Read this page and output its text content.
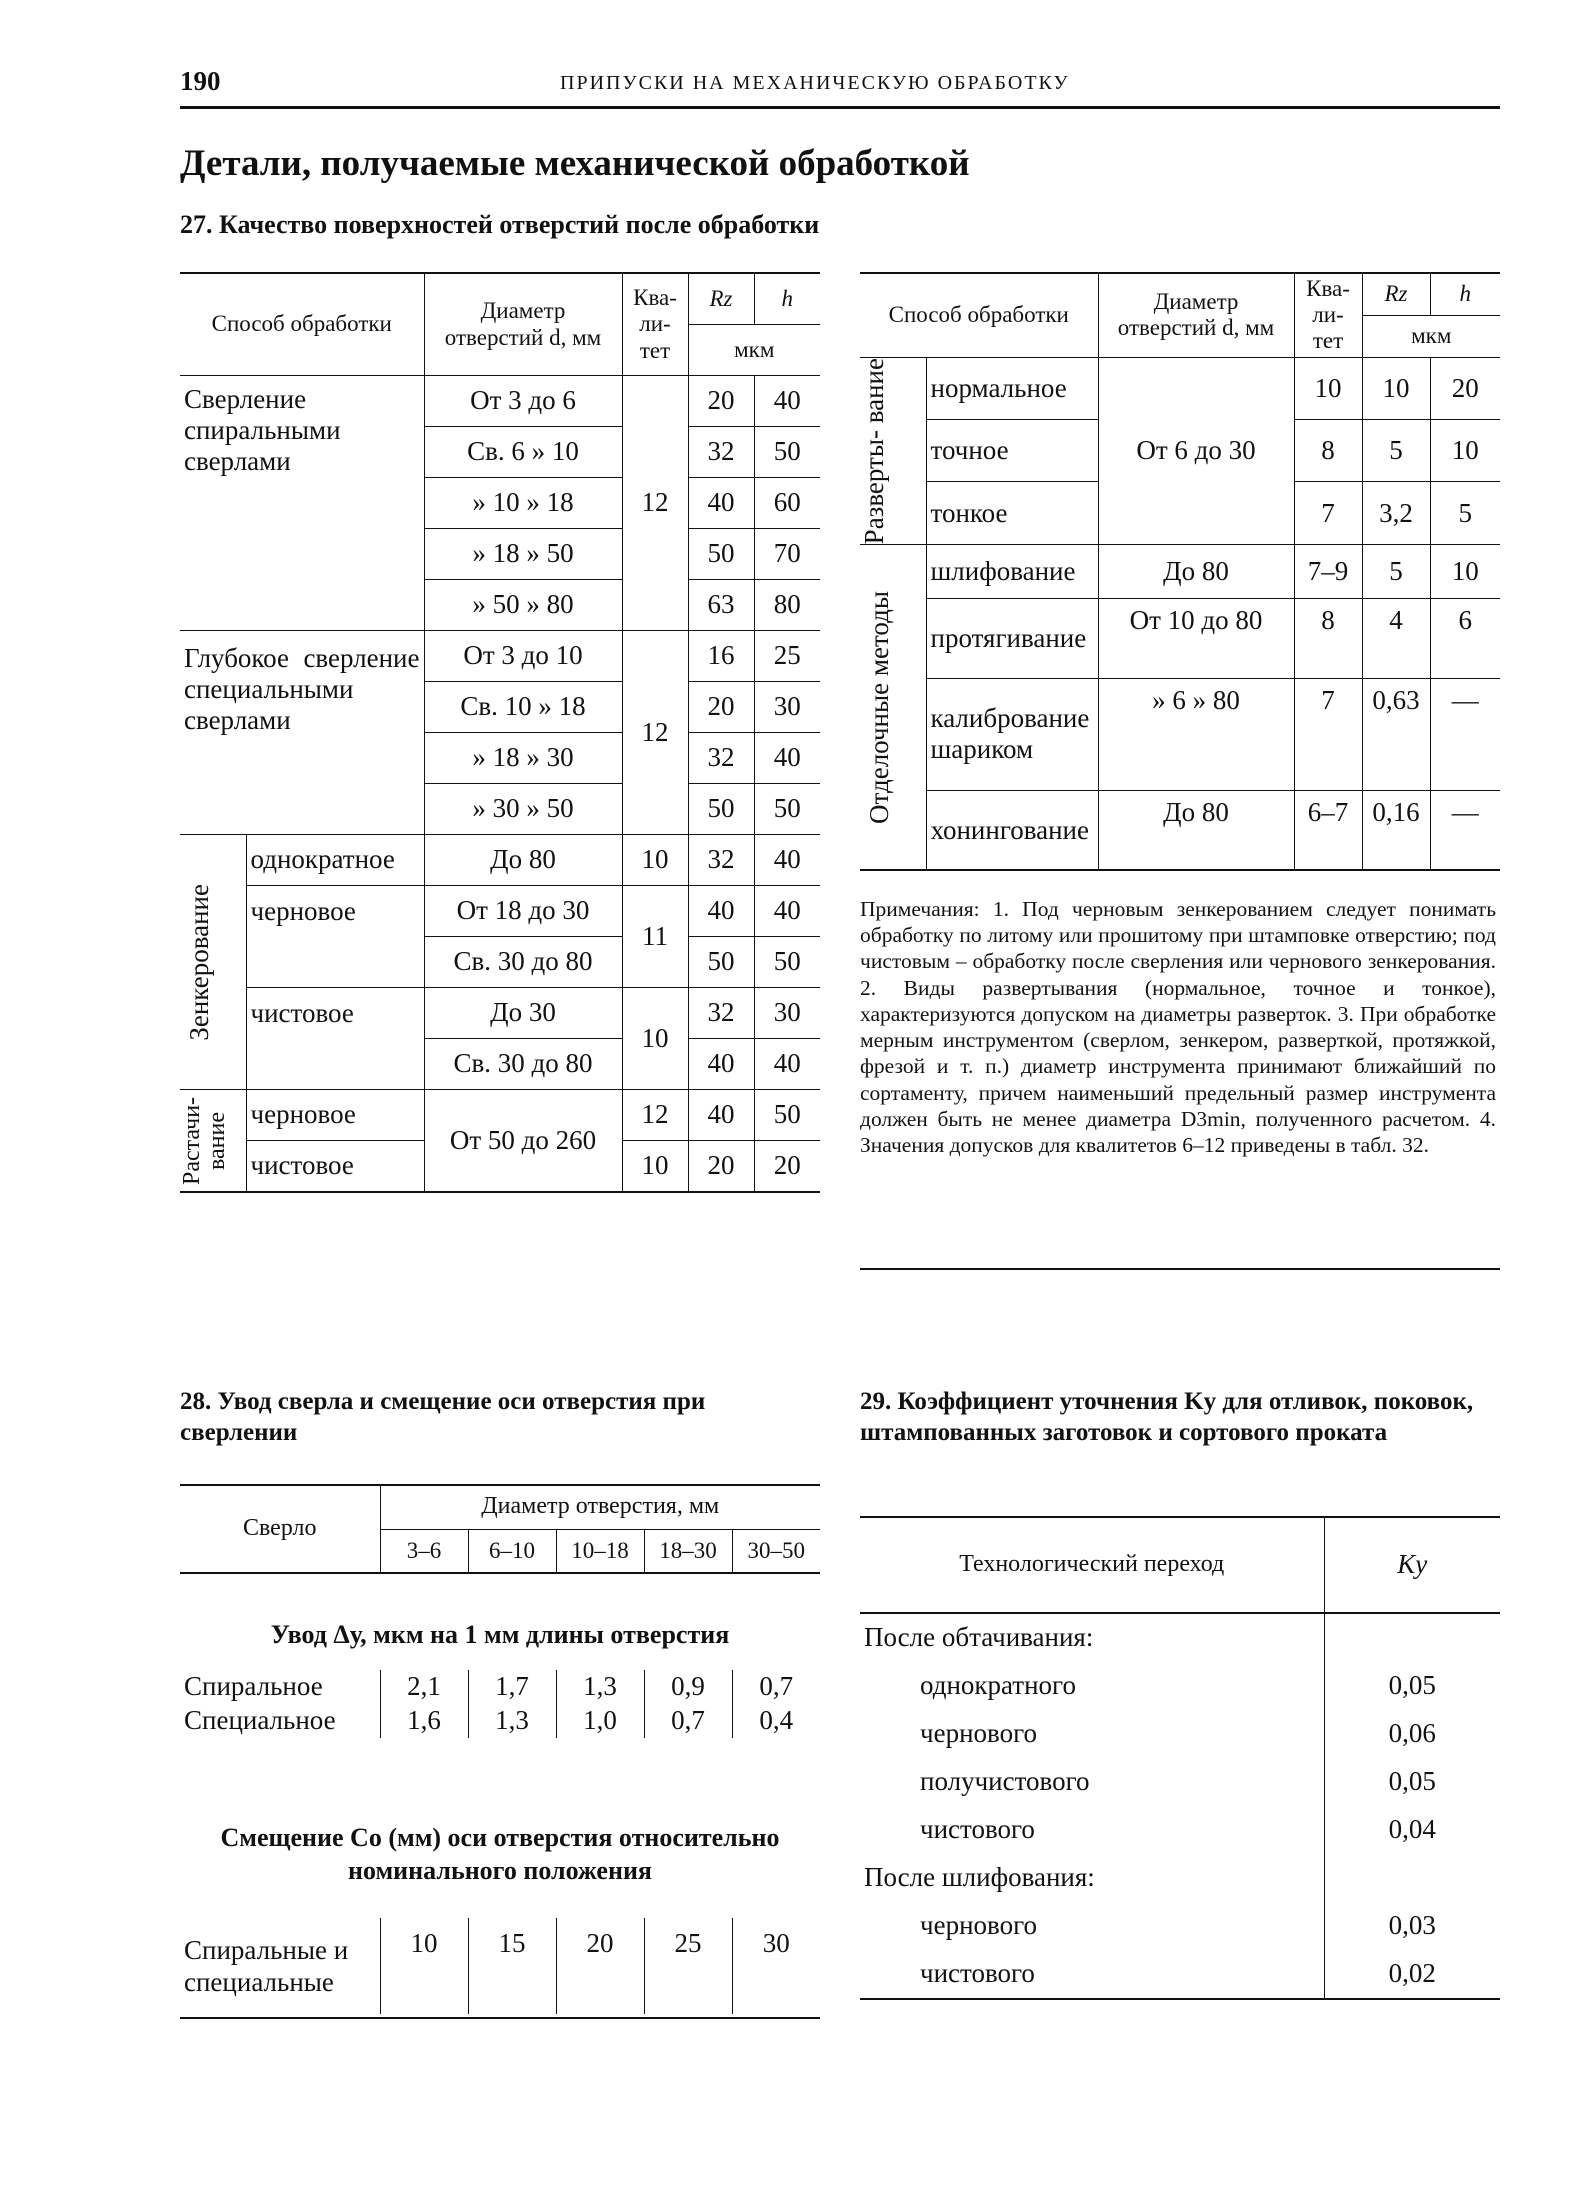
190	ПРИПУСКИ НА МЕХАНИЧЕСКУЮ ОБРАБОТКУ
Детали, получаемые механической обработкой
27. Качество поверхностей отверстий после обработки
Способ обработки		Диаметр отверстий d, мм	Ква- ли- тет	Rz	h
				мкм	
Сверление спиральными сверлами		От 3 до 6	12	20	40
		Св. 6 » 10		32	50
		» 10 » 18		40	60
		» 18 » 50		50	70
		» 50 » 80		63	80
Глубокое сверление специальными сверлами		От 3 до 10	12	16	25
		Св. 10 » 18		20	30
		» 18 » 30		32	40
		» 30 » 50		50	50

Зенкерование	однократное	До 80	10	32	40
	черновое	От 18 до 30	11	40	40
		Св. 30 до 80		50	50
	чистовое	До 30	10	32	30
		Св. 30 до 80		40	40

Растачи- вание	черновое	От 50 до 260	12	40	50
	чистовое		10	20	20
Способ обработки		Диаметр отверстий d, мм	Ква- ли- тет	Rz	h
				мкм	

Разверты- вание	нормальное	От 6 до 30	10	10	20
	точное		8	5	10
	тонкое		7	3,2	5

Отделочные методы	шлифование	До 80	7–9	5	10
	протягивание	От 10 до 80	8	4	6
	калибрование шариком	» 6 » 80	7	0,63	—
	хонингование	До 80	6–7	0,16	—
Примечания: 1. Под черновым зенкерованием следует понимать обработку по литому или прошитому при штамповке отверстию; под чистовым – обработку после сверления или чернового зенкерования. 2. Виды развертывания (нормальное, точное и тонкое), характеризуются допуском на диаметры разверток. 3. При обработке мерным инструментом (сверлом, зенкером, разверткой, протяжкой, фрезой и т. п.) диаметр инструмента принимают ближайший по сортаменту, причем наименьший предельный размер инструмента должен быть не менее диаметра D3min, полученного расчетом. 4. Значения допусков для квалитетов 6–12 приведены в табл. 32.
28. Увод сверла и смещение оси отверстия при сверлении
Сверло	Диаметр отверстия, мм				
	3–6	6–10	10–18	18–30	30–50
Увод Δу, мкм на 1 мм длины отверстия
Спиральное	2,1	1,7	1,3	0,9	0,7
Специальное	1,6	1,3	1,0	0,7	0,4
Смещение Cо (мм) оси отверстия относительно номинального положения
Спиральные и специальные	10	15	20	25	30
29. Коэффициент уточнения Kу для отливок, поковок, штампованных заготовок и сортового проката
Технологический переход	Kу
После обтачивания:	
однократного	0,05
чернового	0,06
получистового	0,05
чистового	0,04
После шлифования:	
чернового	0,03
чистового	0,02
